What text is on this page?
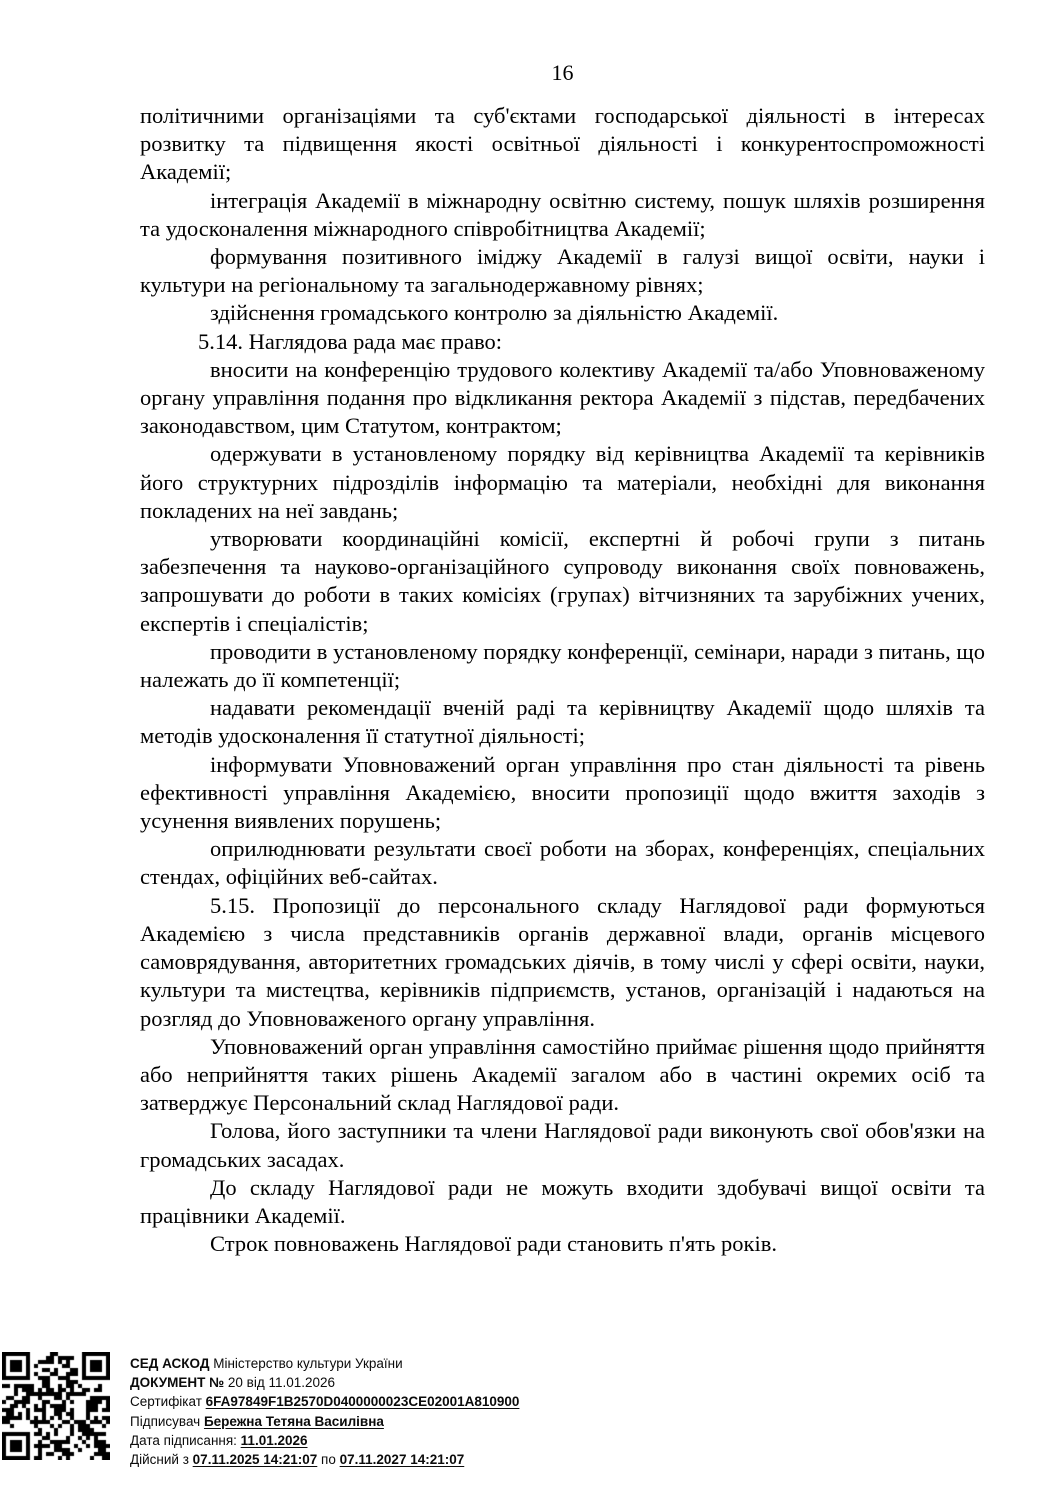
16

політичними організаціями та суб'єктами господарської діяльності в інтересах розвитку та підвищення якості освітньої діяльності і конкурентоспроможності Академії;

інтеграція Академії в міжнародну освітню систему, пошук шляхів розширення та удосконалення міжнародного співробітництва Академії;

формування позитивного іміджу Академії в галузі вищої освіти, науки і культури на регіональному та загальнодержавному рівнях;

здійснення громадського контролю за діяльністю Академії.

5.14. Наглядова рада має право:

вносити на конференцію трудового колективу Академії та/або Уповноваженому органу управління подання про відкликання ректора Академії з підстав, передбачених законодавством, цим Статутом, контрактом;

одержувати в установленому порядку від керівництва Академії та керівників його структурних підрозділів інформацію та матеріали, необхідні для виконання покладених на неї завдань;

утворювати координаційні комісії, експертні й робочі групи з питань забезпечення та науково-організаційного супроводу виконання своїх повноважень, запрошувати до роботи в таких комісіях (групах) вітчизняних та зарубіжних учених, експертів і спеціалістів;

проводити в установленому порядку конференції, семінари, наради з питань, що належать до її компетенції;

надавати рекомендації вченій раді та керівництву Академії щодо шляхів та методів удосконалення її статутної діяльності;

інформувати Уповноважений орган управління про стан діяльності та рівень ефективності управління Академією, вносити пропозиції щодо вжиття заходів з усунення виявлених порушень;

оприлюднювати результати своєї роботи на зборах, конференціях, спеціальних стендах, офіційних веб-сайтах.

5.15. Пропозиції до персонального складу Наглядової ради формуються Академією з числа представників органів державної влади, органів місцевого самоврядування, авторитетних громадських діячів, в тому числі у сфері освіти, науки, культури та мистецтва, керівників підприємств, установ, організацій і надаються на розгляд до Уповноваженого органу управління.

Уповноважений орган управління самостійно приймає рішення щодо прийняття або неприйняття таких рішень Академії загалом або в частині окремих осіб та затверджує Персональний склад Наглядової ради.

Голова, його заступники та члени Наглядової ради виконують свої обов'язки на громадських засадах.

До складу Наглядової ради не можуть входити здобувачі вищої освіти та працівники Академії.

Строк повноважень Наглядової ради становить п'ять років.

СЕД АСКОД Міністерство культури України
ДОКУМЕНТ № 20 від 11.01.2026
Сертифікат 6FA97849F1B2570D0400000023CE02001A810900
Підписувач Бережна Тетяна Василівна
Дата підписання: 11.01.2026
Дійсний з 07.11.2025 14:21:07 по 07.11.2027 14:21:07
